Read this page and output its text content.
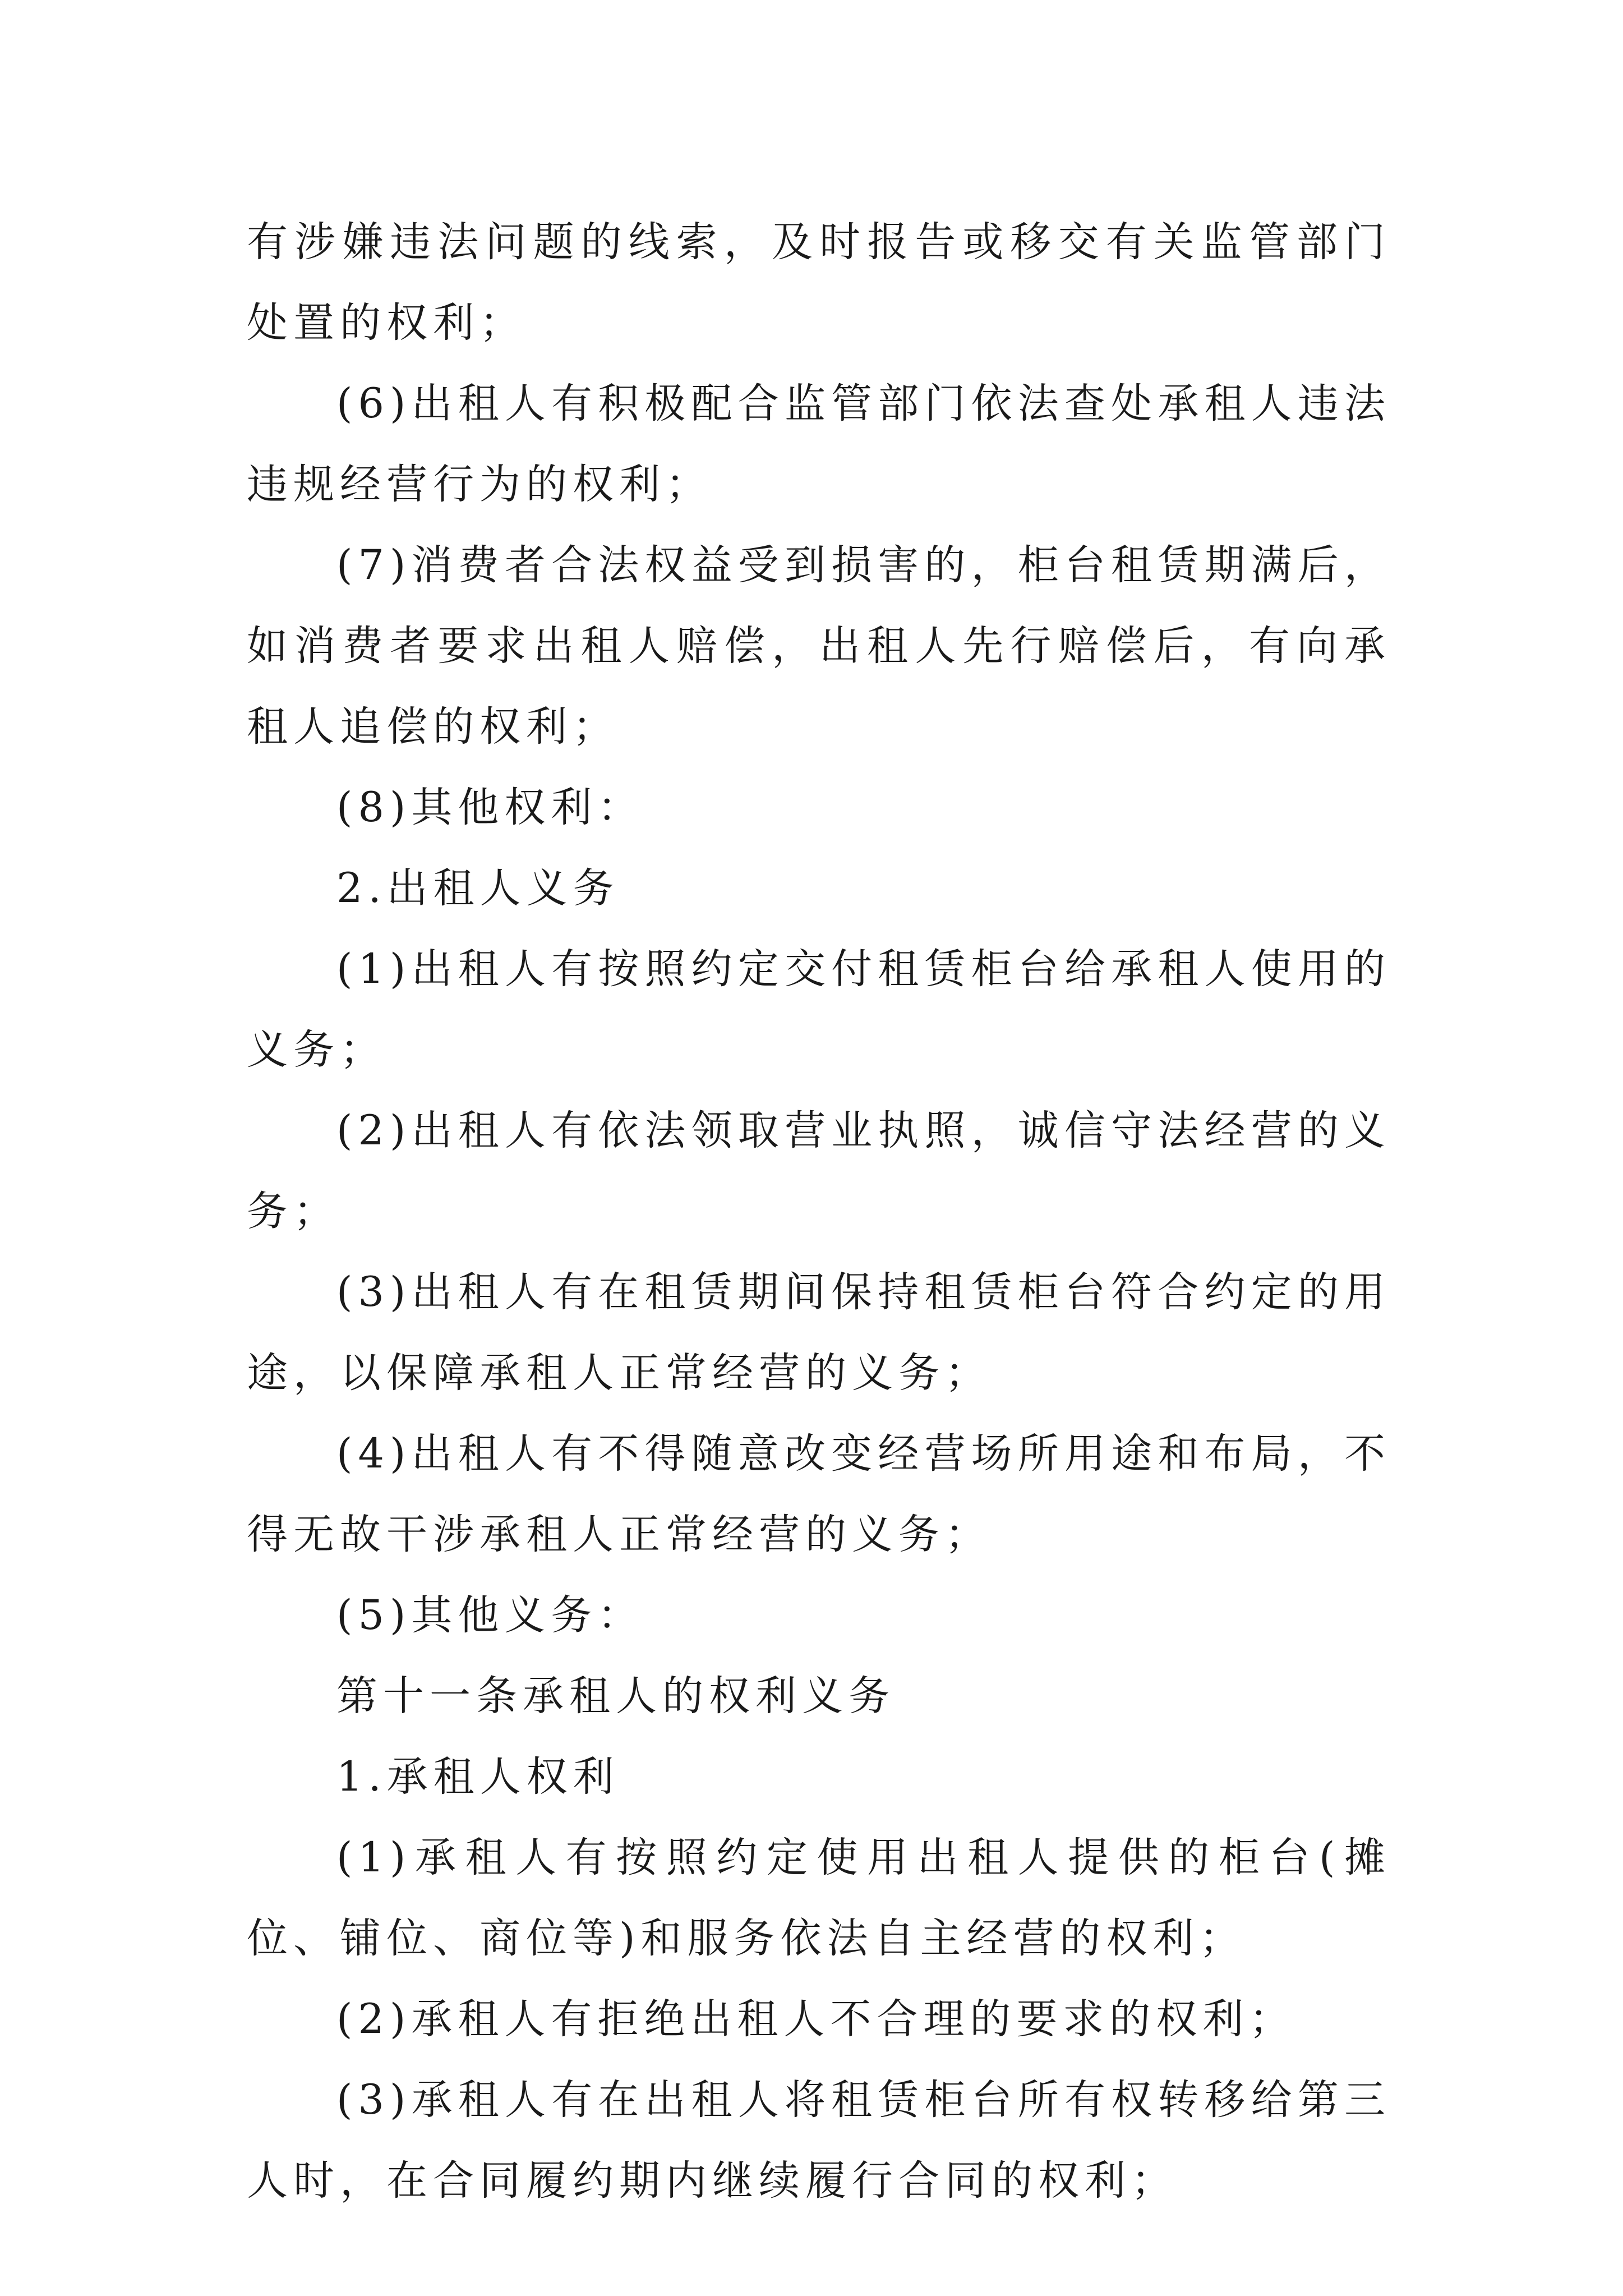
有涉嫌违法问题的线索，及时报告或移交有关监管部门处置的权利；

(6)出租人有积极配合监管部门依法查处承租人违法违规经营行为的权利；

(7)消费者合法权益受到损害的，柜台租赁期满后，如消费者要求出租人赔偿，出租人先行赔偿后，有向承租人追偿的权利；

(8)其他权利：

2.出租人义务

(1)出租人有按照约定交付租赁柜台给承租人使用的义务；

(2)出租人有依法领取营业执照，诚信守法经营的义务；

(3)出租人有在租赁期间保持租赁柜台符合约定的用途，以保障承租人正常经营的义务；

(4)出租人有不得随意改变经营场所用途和布局，不得无故干涉承租人正常经营的义务；

(5)其他义务：

第十一条承租人的权利义务

1.承租人权利

(1)承租人有按照约定使用出租人提供的柜台(摊位、铺位、商位等)和服务依法自主经营的权利；

(2)承租人有拒绝出租人不合理的要求的权利；

(3)承租人有在出租人将租赁柜台所有权转移给第三人时，在合同履约期内继续履行合同的权利；
